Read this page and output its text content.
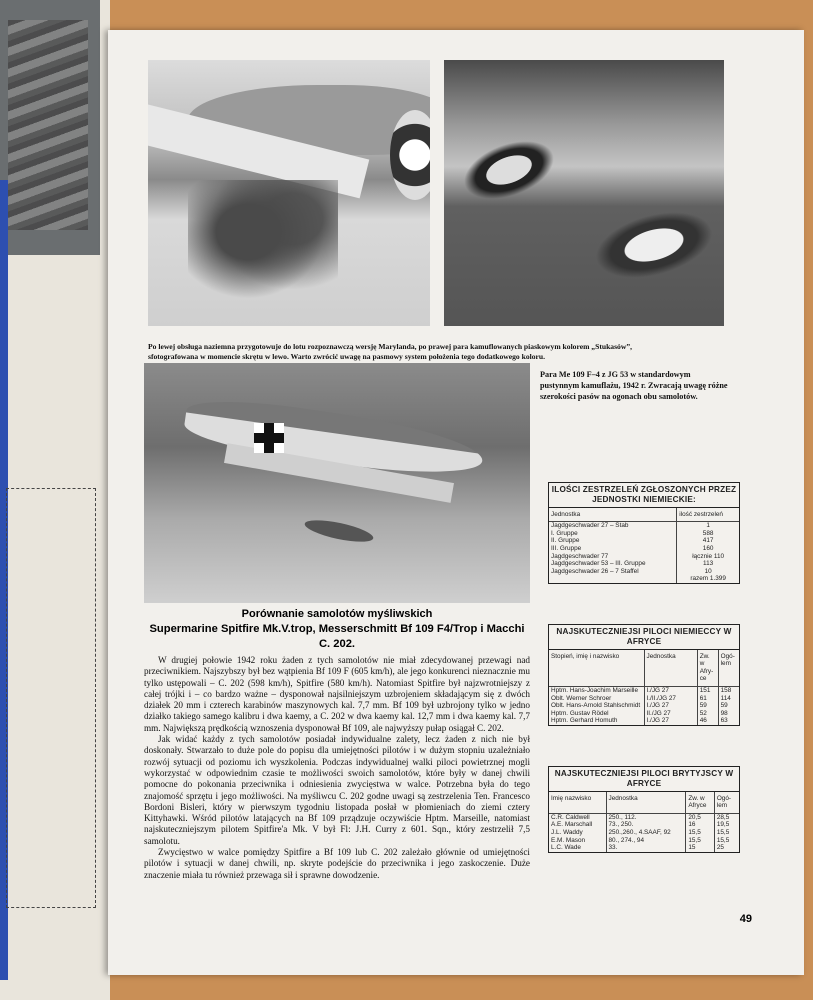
Po lewej obsługa naziemna przygotowuje do lotu rozpoznawczą wersję Marylanda, po prawej para kamuflowanych piaskowym kolorem „Stukasów”, sfotografowana w momencie skrętu w lewo. Warto zwrócić uwagę na pasmowy system położenia tego dodatkowego koloru.
Para Me 109 F–4 z JG 53 w standardowym pustynnym kamuflażu, 1942 r. Zwracają uwagę różne szerokości pasów na ogonach obu samolotów.
Porównanie samolotów myśliwskich
Supermarine Spitfire Mk.V.trop, Messerschmitt Bf 109 F4/Trop i Macchi C. 202.

W drugiej połowie 1942 roku żaden z tych samolotów nie miał zdecydowanej przewagi nad przeciwnikiem. Najszybszy był bez wątpienia Bf 109 F (605 km/h), ale jego konkurenci nieznacznie mu tylko ustępowali – C. 202 (598 km/h), Spitfire (580 km/h). Natomiast Spitfire był najzwrotniejszy z całej trójki i – co bardzo ważne – dysponował najsilniejszym uzbrojeniem składającym się z dwóch działek 20 mm i czterech karabinów maszynowych kal. 7,7 mm. Bf 109 był uzbrojony tylko w jedno działko takiego samego kalibru i dwa kaemy, a C. 202 w dwa kaemy kal. 12,7 mm i dwa kaemy kal. 7,7 mm. Największą prędkością wznoszenia dysponował Bf 109, ale najwyższy pułap osiągał C. 202.

Jak widać każdy z tych samolotów posiadał indywidualne zalety, lecz żaden z nich nie był doskonały. Stwarzało to duże pole do popisu dla umiejętności pilotów i w dużym stopniu uzależniało rozwój sytuacji od poziomu ich wyszkolenia. Podczas indywidualnej walki piloci powietrznej mogli wykorzystać w odpowiednim czasie te możliwości swoich samolotów, które były w danej chwili pomocne do pokonania przeciwnika i odniesienia zwycięstwa w walce. Potrzebna była do tego znajomość sprzętu i jego możliwości. Na myśliwcu C. 202 godne uwagi są zestrzelenia Ten. Francesco Bordoni Bisleri, który w pierwszym tygodniu listopada posłał w płomieniach do ziemi cztery Kittyhawki. Wśród pilotów latających na Bf 109 prządzuje oczywiście Hptm. Marseille, natomiast najskuteczniejszym pilotem Spitfire'a Mk. V był Fl: J.H. Curry z 601. Sqn., który zestrzelił 7,5 samolotu.

Zwycięstwo w walce pomiędzy Spitfire a Bf 109 lub C. 202 zależało głównie od umiejętności pilotów i sytuacji w danej chwili, np. skryte podejście do przeciwnika i jego zaskoczenie. Duże znaczenie miała tu również przewaga sił i sprawne dowodzenie.

ILOŚCI ZESTRZELEŃ ZGŁOSZONYCH PRZEZ JEDNOSTKI NIEMIECKIE:
Jednostka	ilość zestrzeleń
Jagdgeschwader 27 – Stab	1
I. Gruppe	588
II. Gruppe	417
III. Gruppe	160
Jagdgeschwader 77	łącznie 110
Jagdgeschwader 53 – III. Gruppe	113
Jagdgeschwader 26 – 7 Staffel	10
	razem 1.399
NAJSKUTECZNIEJSI PILOCI NIEMIECCY W AFRYCE
Stopień, imię i nazwisko	Jednostka	Zw. w Afry-ce	Ogó-lem
Hptm. Hans-Joachim Marseille	I./JG 27	151	158
Oblt. Werner Schroer	I./II./JG 27	61	114
Oblt. Hans-Arnold Stahlschmidt	I./JG 27	59	59
Hptm. Gustav Rödel	II./JG 27	52	98
Hptm. Gerhard Homuth	I./JG 27	46	63
NAJSKUTECZNIEJSI PILOCI BRYTYJSCY W AFRYCE
Imię nazwisko	Jednostka	Zw. w Afryce	Ogó-lem
C.R. Caldwell	250., 112.	20,5	28,5
A.E. Marschall	73., 250.	16	19,5
J.L. Waddy	250.,260., 4.SAAF, 92	15,5	15,5
E.M. Mason	80., 274., 94	15,5	15,5
L.C. Wade	33.	15	25
49
